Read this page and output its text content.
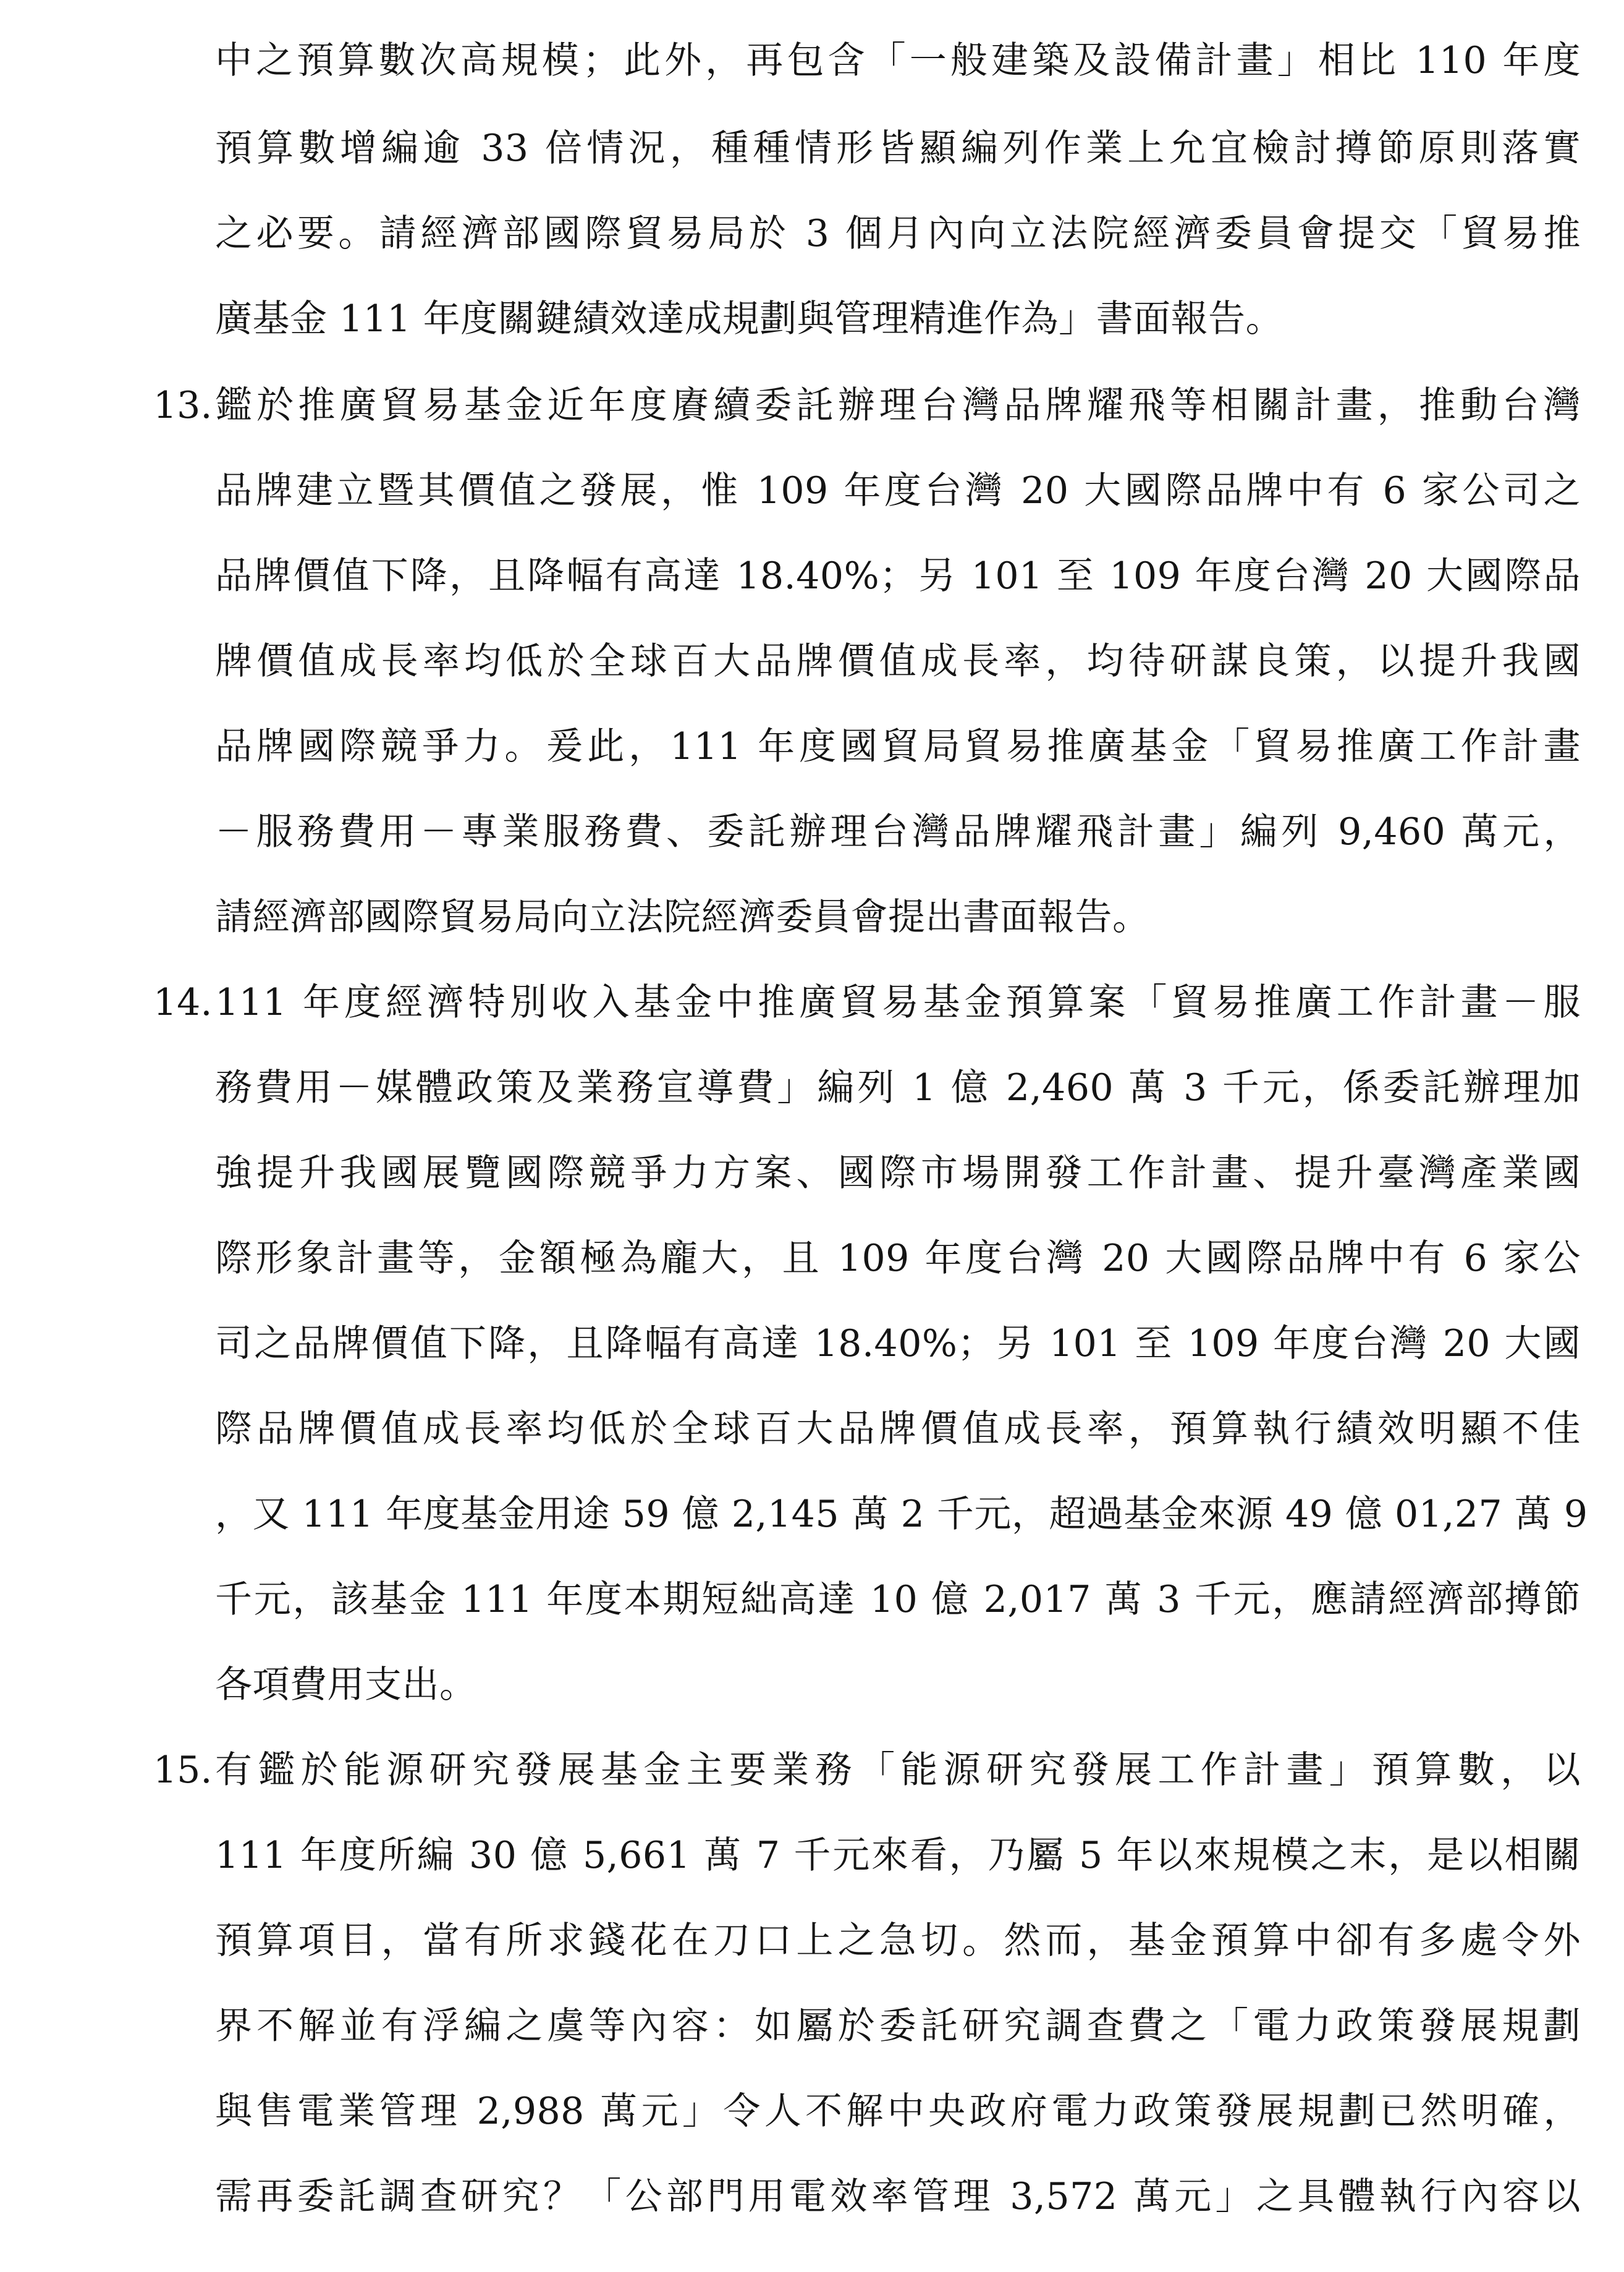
中之預算數次高規模；此外，再包含「一般建築及設備計畫」相比 110 年度
預算數增編逾 33 倍情況，種種情形皆顯編列作業上允宜檢討撙節原則落實
之必要。請經濟部國際貿易局於 3 個月內向立法院經濟委員會提交「貿易推
廣基金 111 年度關鍵績效達成規劃與管理精進作為」書面報告。
13. 鑑於推廣貿易基金近年度賡續委託辦理台灣品牌耀飛等相關計畫，推動台灣
品牌建立暨其價值之發展，惟 109 年度台灣 20 大國際品牌中有 6 家公司之
品牌價值下降，且降幅有高達 18.40%；另 101 至 109 年度台灣 20 大國際品
牌價值成長率均低於全球百大品牌價值成長率，均待研謀良策，以提升我國
品牌國際競爭力。爰此，111 年度國貿局貿易推廣基金「貿易推廣工作計畫
－服務費用－專業服務費、委託辦理台灣品牌耀飛計畫」編列 9,460 萬元，
請經濟部國際貿易局向立法院經濟委員會提出書面報告。
14. 111 年度經濟特別收入基金中推廣貿易基金預算案「貿易推廣工作計畫－服
務費用－媒體政策及業務宣導費」編列 1 億 2,460 萬 3 千元，係委託辦理加
強提升我國展覽國際競爭力方案、國際市場開發工作計畫、提升臺灣產業國
際形象計畫等，金額極為龐大，且 109 年度台灣 20 大國際品牌中有 6 家公
司之品牌價值下降，且降幅有高達 18.40%；另 101 至 109 年度台灣 20 大國
際品牌價值成長率均低於全球百大品牌價值成長率，預算執行績效明顯不佳
，又 111 年度基金用途 59 億 2,145 萬 2 千元，超過基金來源 49 億 01,27 萬 9
千元，該基金 111 年度本期短絀高達 10 億 2,017 萬 3 千元，應請經濟部撙節
各項費用支出。
15. 有鑑於能源研究發展基金主要業務「能源研究發展工作計畫」預算數，以
111 年度所編 30 億 5,661 萬 7 千元來看，乃屬 5 年以來規模之末，是以相關
預算項目，當有所求錢花在刀口上之急切。然而，基金預算中卻有多處令外
界不解並有浮編之虞等內容：如屬於委託研究調查費之「電力政策發展規劃
與售電業管理 2,988 萬元」令人不解中央政府電力政策發展規劃已然明確，
需再委託調查研究？「公部門用電效率管理 3,572 萬元」之具體執行內容以
